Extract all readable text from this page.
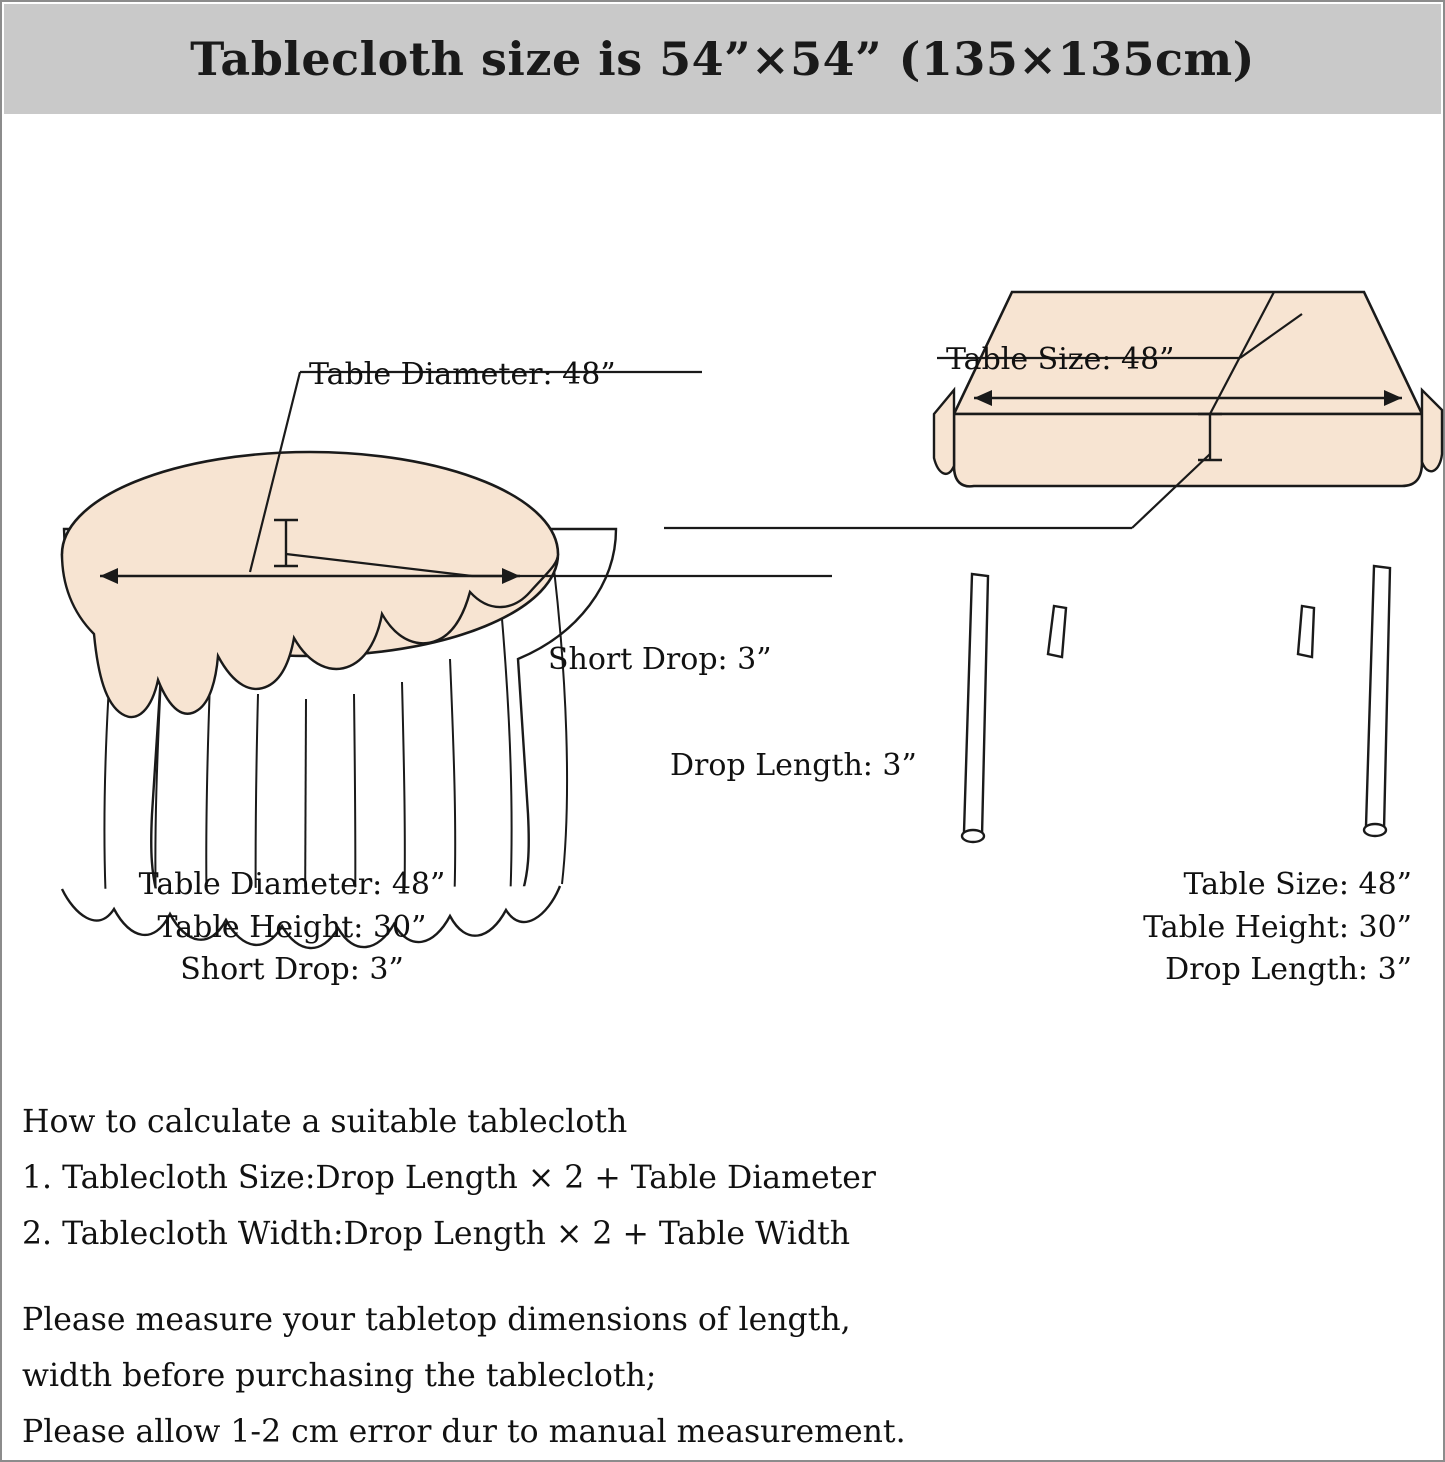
Tablecloth size is 54”×54” (135×135cm)
Table Diameter: 48”
Short Drop: 3”
Table Size: 48”
Drop Length: 3”
Table Diameter: 48”
Table Height: 30”
Short Drop: 3”
Table Size: 48”
Table Height: 30”
Drop Length: 3”
How to calculate a suitable tablecloth
1. Tablecloth Size:Drop Length × 2 + Table Diameter
2. Tablecloth Width:Drop Length × 2 + Table Width
Please measure your tabletop dimensions of length,
width before purchasing the tablecloth;
Please allow 1-2 cm error dur to manual measurement.
